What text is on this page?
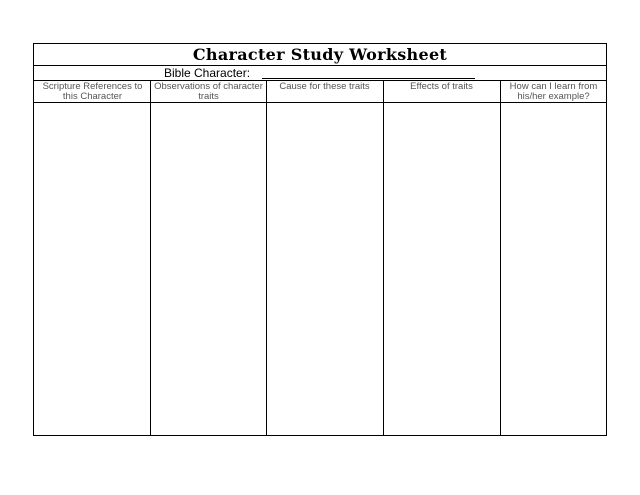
Character Study Worksheet
Bible Character:
Scripture References to this Character
Observations of character traits
Cause for these traits	Effects of traits	How can I learn from his/her example?
